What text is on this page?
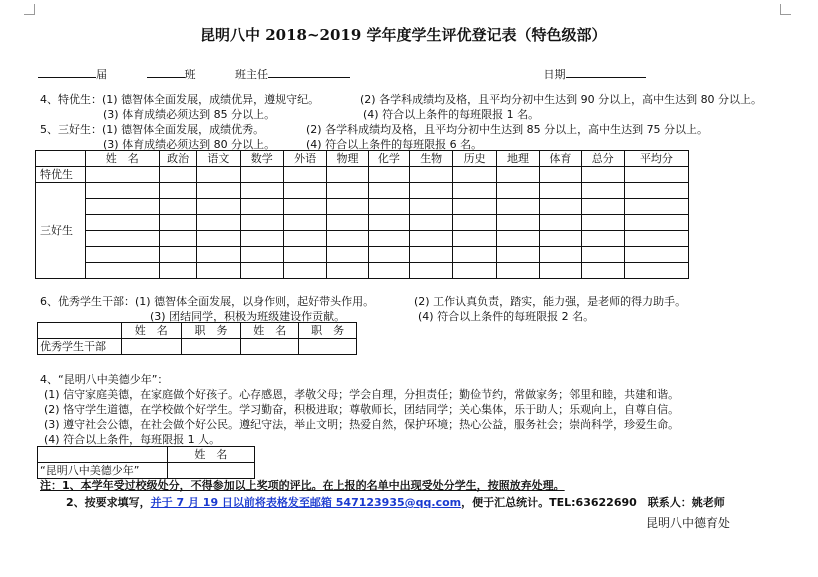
昆明八中 2018~2019 学年度学生评优登记表（特色级部）
届	班	班主任	日期
4、特优生：(1) 德智体全面发展，成绩优异，遵规守纪。	(2) 各学科成绩均及格，且平均分初中生达到 90 分以上，高中生达到 80 分以上。
(3) 体育成绩必须达到 85 分以上。	(4) 符合以上条件的每班限报 1 名。
5、三好生：(1) 德智体全面发展，成绩优秀。	(2) 各学科成绩均及格，且平均分初中生达到 85 分以上，高中生达到 75 分以上。
(3) 体育成绩必须达到 80 分以上。	(4) 符合以上条件的每班限报 6 名。
	姓　名	政治	语文	数学	外语	物理	化学	生物	历史	地理	体育	总分	平均分
特优生													
三好生													

6、优秀学生干部：(1) 德智体全面发展，以身作则，起好带头作用。	(2) 工作认真负责，踏实，能力强，是老师的得力助手。
(3) 团结同学，积极为班级建设作贡献。	(4) 符合以上条件的每班限报 2 名。
	姓　名	职　务	姓　名	职　务
优秀学生干部				
4、“昆明八中美德少年”：
(1) 信守家庭美德，在家庭做个好孩子。心存感恩，孝敬父母；学会自理，分担责任；勤俭节约，常做家务；邻里和睦，共建和谐。
(2) 恪守学生道德，在学校做个好学生。学习勤奋，积极进取；尊敬师长，团结同学；关心集体，乐于助人；乐观向上，自尊自信。
(3) 遵守社会公德，在社会做个好公民。遵纪守法，举止文明；热爱自然，保护环境；热心公益，服务社会；崇尚科学，珍爱生命。
(4) 符合以上条件，每班限报 1 人。
	姓　名
“昆明八中美德少年”	
注：1、本学年受过校级处分，不得参加以上奖项的评比。在上报的名单中出现受处分学生，按照放弃处理。
2、按要求填写，并于 7 月 19 日以前将表格发至邮箱 547123935@qq.com，便于汇总统计。TEL:63622690　联系人：姚老师
昆明八中德育处
